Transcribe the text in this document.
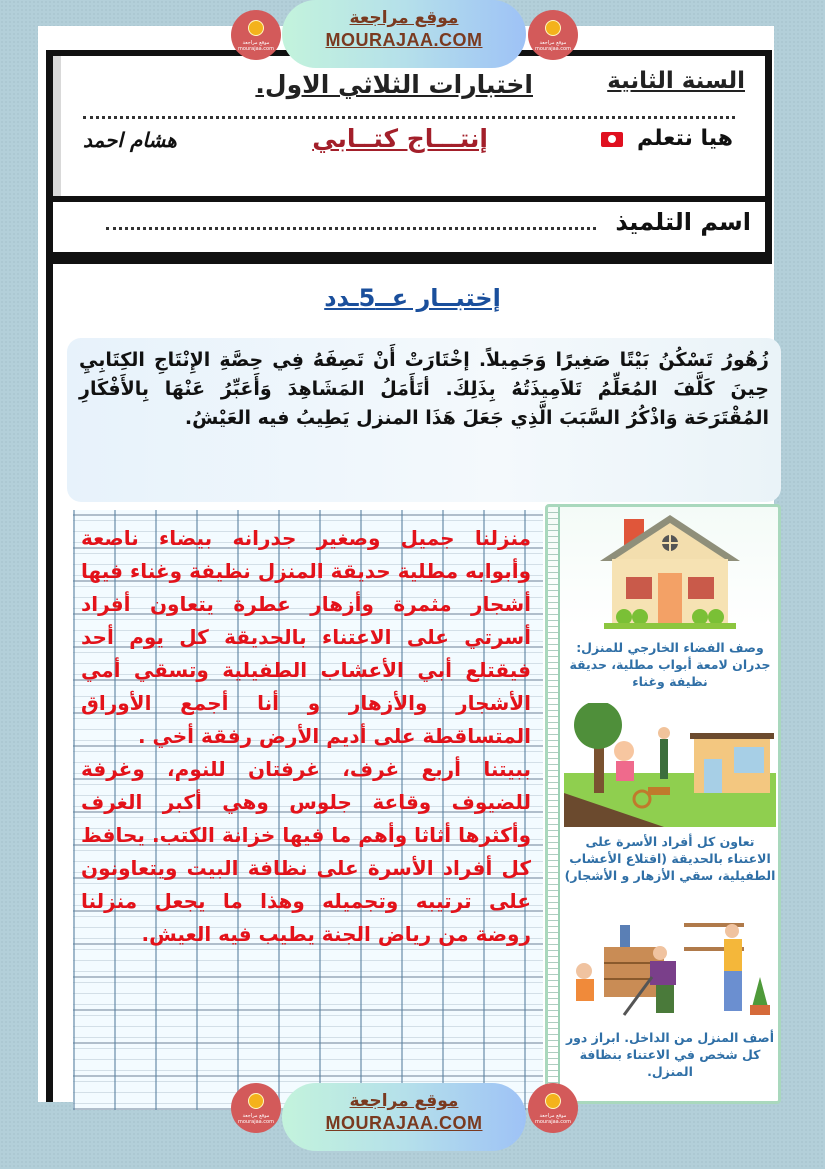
السنة الثانية
اختبارات الثلاثي الاول.
هيا نتعلم
إنتـــاج كتــابي
هشام احمد
اسم التلميذ
إختبــار عــ5ـدد
زُهُورُ تَسْكُنُ بَيْتًا صَغِيرًا وَجَمِيلاً. إخْتَارَتْ أَنْ تَصِفَهُ فِي حِصَّةِ الإِنْتَاجِ الكِتَابِيِ حِينَ كَلَّفَ المُعَلِّمُ تَلاَمِيذَتُهُ بِذَلِكَ. أتَأَمَلُ المَشَاهِدَ وَأَعَبِّرُ عَنْهَا بِالأَفْكَارِ المُقْتَرَحَة وَاذْكُرُ السَّبَبَ الَّذِي جَعَلَ هَذَا المنزل يَطِيبُ فيه العَيْشُ.

منزلنا جميل وصغير جدرانه بيضاء ناصعة وأبوابه مطلية حديقة المنزل نظيفة وغناء فيها أشجار مثمرة وأزهار عطرة يتعاون أفراد أسرتي على الاعتناء بالحديقة كل يوم أحد فيقتلع أبي الأعشاب الطفيلية وتسقي أمي الأشجار والأزهار و أنا أجمع الأوراق المتساقطة على أديم الأرض رفقة أخي .

ببيتنا أربع غرف، غرفتان للنوم، وغرفة للضيوف وقاعة جلوس وهي أكبر الغرف وأكثرها أثاثا وأهم ما فيها خزانة الكتب. يحافظ كل أفراد الأسرة على نظافة البيت ويتعاونون على ترتيبه وتجميله وهذا ما يجعل منزلنا روضة من رياض الجنة يطيب فيه العيش.

وصف الفضاء الخارجي للمنزل: جدران لامعة أبواب مطلية، حديقة نظيفة وغناء
تعاون كل أفراد الأسرة على الاعتناء بالحديقة (اقتلاع الأعشاب الطفيلية، سقي الأزهار و الأشجار)
أصف المنزل من الداخل. ابراز دور كل شخص في الاعتناء بنظافة المنزل.
موقع مراجعة mourajaa.com
موقع مراجعة
MOURAJAA.COM	موقع مراجعة mourajaa.com
موقع مراجعة mourajaa.com
موقع مراجعة
MOURAJAA.COM	موقع مراجعة mourajaa.com
